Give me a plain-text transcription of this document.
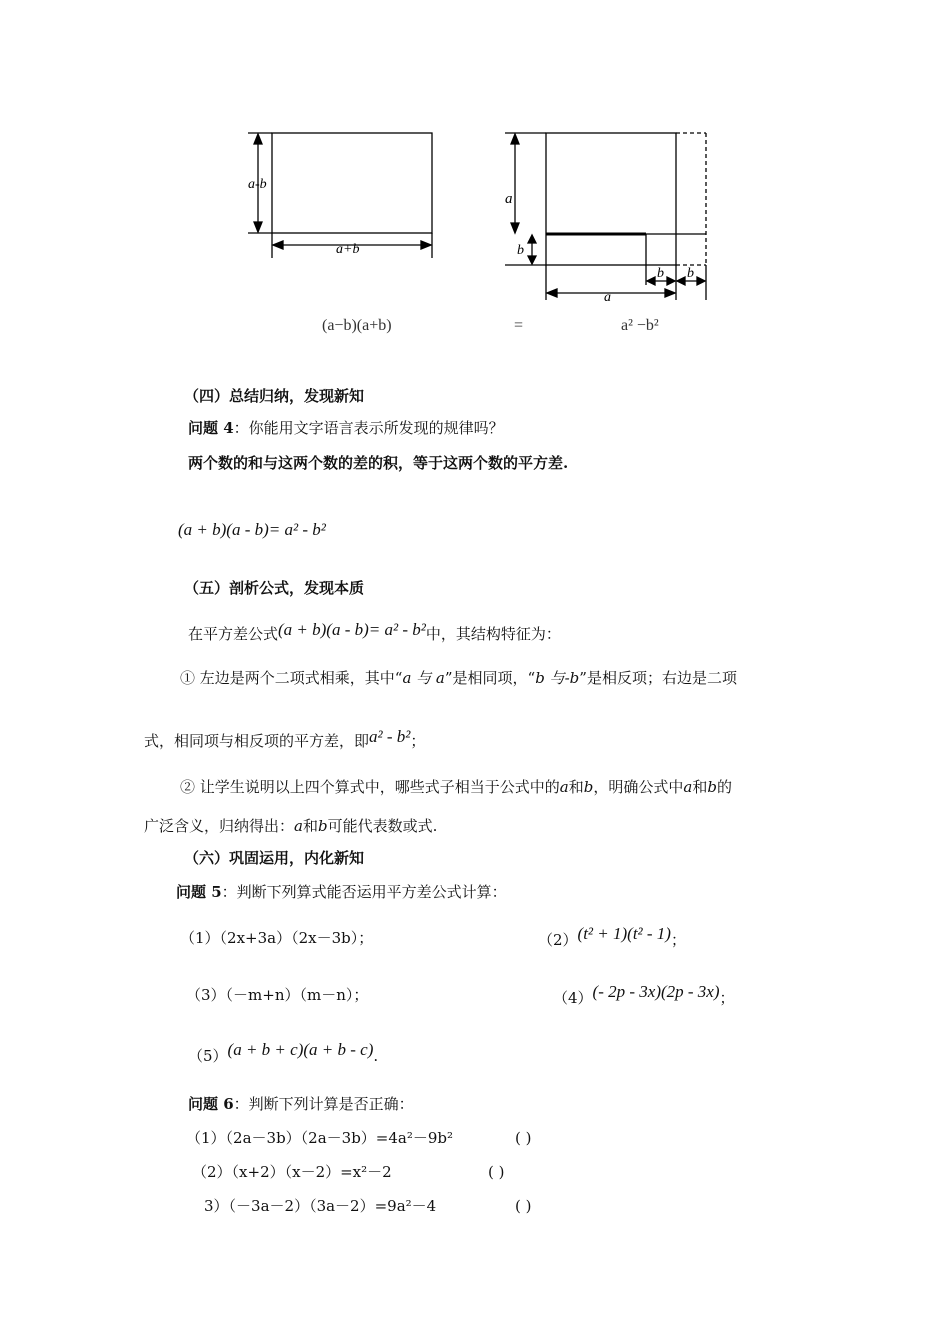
a-b
a+b
a
b
b b
a
(a−b)(a+b)	=	a² −b²
（四）总结归纳，发现新知
问题 4：你能用文字语言表示所发现的规律吗？
两个数的和与这两个数的差的积，等于这两个数的平方差.
(a + b)(a - b)= a² - b²
（五）剖析公式，发现本质
在平方差公式(a + b)(a - b)= a² - b²中，其结构特征为：
① 左边是两个二项式相乘，其中“a 与 a”是相同项，“b 与-b”是相反项；右边是二项
式，相同项与相反项的平方差，即a² - b²；
② 让学生说明以上四个算式中，哪些式子相当于公式中的a和b，明确公式中a和b的
广泛含义，归纳得出：a和b可能代表数或式.
（六）巩固运用，内化新知
问题 5：判断下列算式能否运用平方差公式计算：
（1）（2x+3a）（2x－3b）；	（2）(t² + 1)(t² - 1)；
（3）（－m+n）（m－n）；	（4）(- 2p - 3x)(2p - 3x)；
（5）(a + b + c)(a + b - c).
问题 6：判断下列计算是否正确：
（1）（2a－3b）（2a－3b）=4a²－9b²	( )
（2）（x+2）（x－2）=x²－2	( )
3）（－3a－2）（3a－2）=9a²－4	( )
